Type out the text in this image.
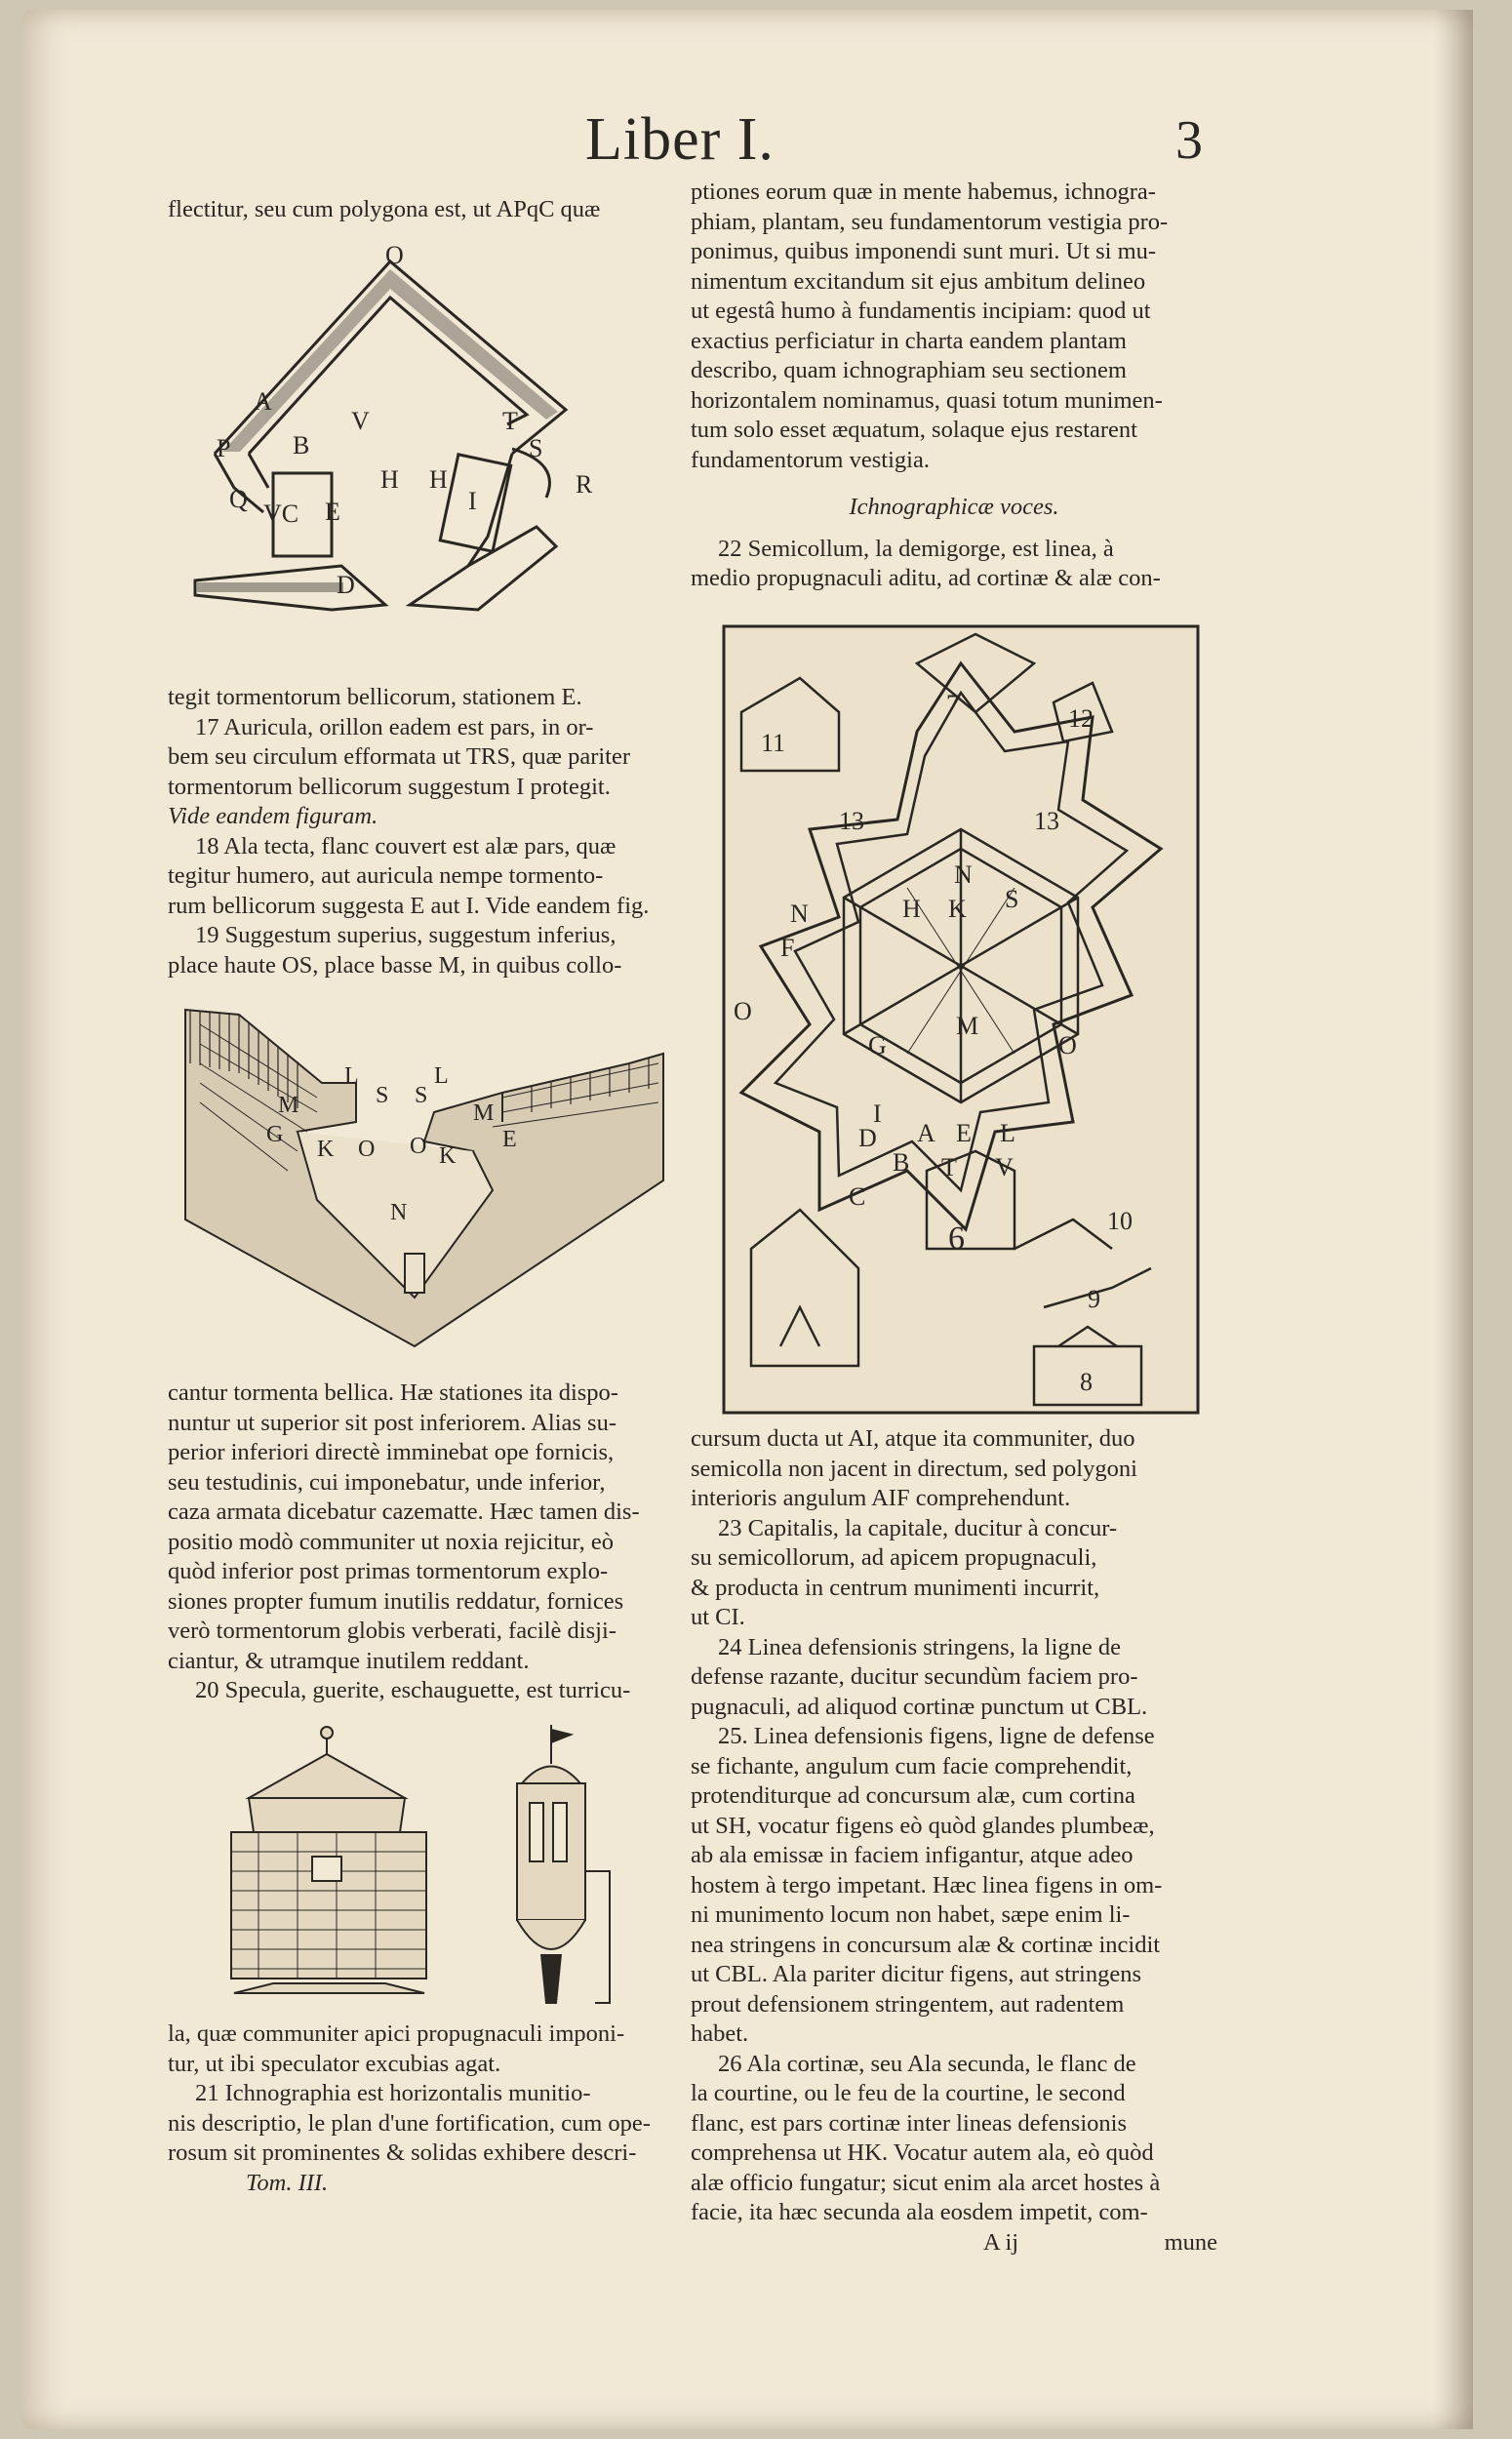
Liber I.	3
flectitur, seu cum polygona est, ut APqC quæ
O
A
P B
V
Q
VC E
H H
I
T
S
R
D
tegit tormentorum bellicorum, stationem E.
17 Auricula, orillon eadem est pars, in or-
bem seu circulum efformata ut TRS, quæ pariter
tormentorum bellicorum suggestum I protegit.
Vide eandem figuram.
18 Ala tecta, flanc couvert est alæ pars, quæ
tegitur humero, aut auricula nempe tormento-
rum bellicorum suggesta E aut I. Vide eandem fig.
19 Suggestum superius, suggestum inferius,
place haute OS, place basse M, in quibus collo-
L
S S
L
M	M
G	E
K O O K
N
cantur tormenta bellica. Hæ stationes ita dispo-
nuntur ut superior sit post inferiorem. Alias su-
perior inferiori directè imminebat ope fornicis,
seu testudinis, cui imponebatur, unde inferior,
caza armata dicebatur cazematte. Hæc tamen dis-
positio modò communiter ut noxia rejicitur, eò
quòd inferior post primas tormentorum explo-
siones propter fumum inutilis reddatur, fornices
verò tormentorum globis verberati, facilè disji-
ciantur, & utramque inutilem reddant.
20 Specula, guerite, eschauguette, est turricu-
la, quæ communiter apici propugnaculi imponi-
tur, ut ibi speculator excubias agat.
21 Ichnographia est horizontalis munitio-
nis descriptio, le plan d'une fortification, cum ope-
rosum sit prominentes & solidas exhibere descri-
Tom. III.
ptiones eorum quæ in mente habemus, ichnogra-
phiam, plantam, seu fundamentorum vestigia pro-
ponimus, quibus imponendi sunt muri. Ut si mu-
nimentum excitandum sit ejus ambitum delineo
ut egestâ humo à fundamentis incipiam: quod ut
exactius perficiatur in charta eandem plantam
describo, quam ichnographiam seu sectionem
horizontalem nominamus, quasi totum munimen-
tum solo esset æquatum, solaque ejus restarent
fundamentorum vestigia.
Ichnographicæ voces.
22 Semicollum, la demigorge, est linea, à
medio propugnaculi aditu, ad cortinæ & alæ con-
7
11
12
13	13
N
H K S
N
F
O
O
G
M
A E L
I
D
B T V
C
6
9
10
8
cursum ducta ut AI, atque ita communiter, duo
semicolla non jacent in directum, sed polygoni
interioris angulum AIF comprehendunt.
23 Capitalis, la capitale, ducitur à concur-
su semicollorum, ad apicem propugnaculi,
& producta in centrum munimenti incurrit,
ut CI.
24 Linea defensionis stringens, la ligne de
defense razante, ducitur secundùm faciem pro-
pugnaculi, ad aliquod cortinæ punctum ut CBL.
25. Linea defensionis figens, ligne de defense
se fichante, angulum cum facie comprehendit,
protenditurque ad concursum alæ, cum cortina
ut SH, vocatur figens eò quòd glandes plumbeæ,
ab ala emissæ in faciem infigantur, atque adeo
hostem à tergo impetant. Hæc linea figens in om-
ni munimento locum non habet, sæpe enim li-
nea stringens in concursum alæ & cortinæ incidit
ut CBL. Ala pariter dicitur figens, aut stringens
prout defensionem stringentem, aut radentem
habet.
26 Ala cortinæ, seu Ala secunda, le flanc de
la courtine, ou le feu de la courtine, le second
flanc, est pars cortinæ inter lineas defensionis
comprehensa ut HK. Vocatur autem ala, eò quòd
alæ officio fungatur; sicut enim ala arcet hostes à
facie, ita hæc secunda ala eosdem impetit, com-
A ij	mune
